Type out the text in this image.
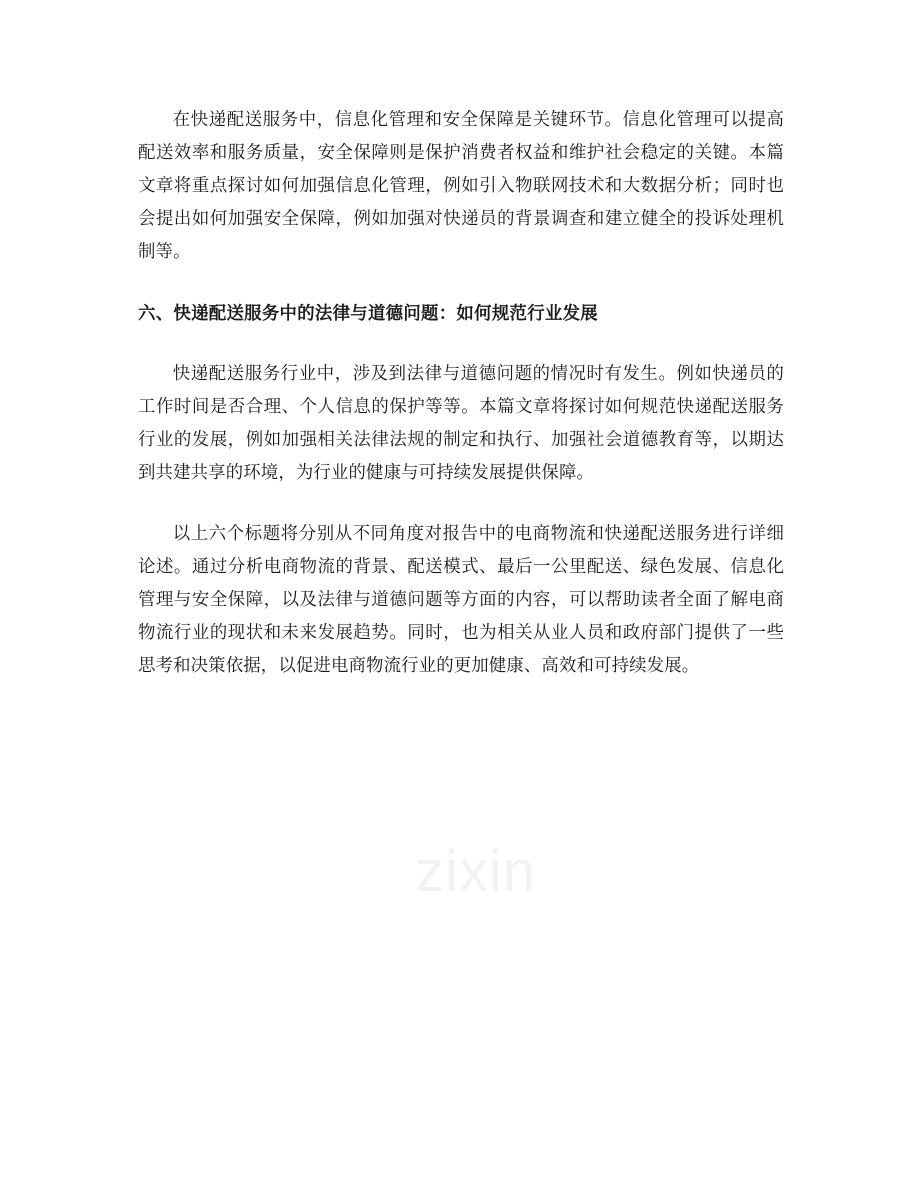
在快递配送服务中，信息化管理和安全保障是关键环节。信息化管理可以提高配送效率和服务质量，安全保障则是保护消费者权益和维护社会稳定的关键。本篇文章将重点探讨如何加强信息化管理，例如引入物联网技术和大数据分析；同时也会提出如何加强安全保障，例如加强对快递员的背景调查和建立健全的投诉处理机制等。

六、快递配送服务中的法律与道德问题：如何规范行业发展

快递配送服务行业中，涉及到法律与道德问题的情况时有发生。例如快递员的工作时间是否合理、个人信息的保护等等。本篇文章将探讨如何规范快递配送服务行业的发展，例如加强相关法律法规的制定和执行、加强社会道德教育等，以期达到共建共享的环境，为行业的健康与可持续发展提供保障。

以上六个标题将分别从不同角度对报告中的电商物流和快递配送服务进行详细论述。通过分析电商物流的背景、配送模式、最后一公里配送、绿色发展、信息化管理与安全保障，以及法律与道德问题等方面的内容，可以帮助读者全面了解电商物流行业的现状和未来发展趋势。同时，也为相关从业人员和政府部门提供了一些思考和决策依据，以促进电商物流行业的更加健康、高效和可持续发展。

zixin
